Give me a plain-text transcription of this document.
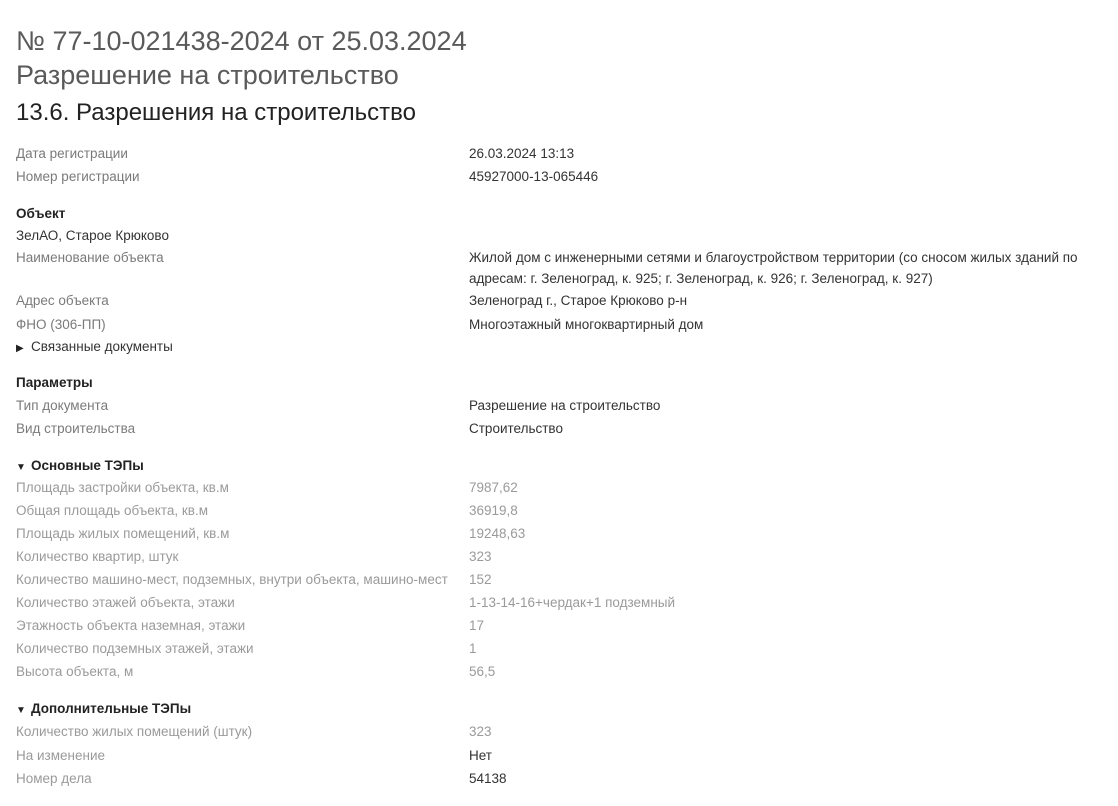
№ 77-10-021438-2024 от 25.03.2024
Разрешение на строительство
13.6. Разрешения на строительство
Дата регистрации	26.03.2024 13:13
Номер регистрации	45927000-13-065446
Объект
ЗелАО, Старое Крюково
Наименование объекта	Жилой дом с инженерными сетями и благоустройством территории (со сносом жилых зданий по адресам: г. Зеленоград, к. 925; г. Зеленоград, к. 926; г. Зеленоград, к. 927)
Адрес объекта	Зеленоград г., Старое Крюково р-н
ФНО (306-ПП)	Многоэтажный многоквартирный дом
▶ Связанные документы
Параметры
Тип документа	Разрешение на строительство
Вид строительства	Строительство
▼ Основные ТЭПы
Площадь застройки объекта, кв.м	7987,62
Общая площадь объекта, кв.м	36919,8
Площадь жилых помещений, кв.м	19248,63
Количество квартир, штук	323
Количество машино-мест, подземных, внутри объекта, машино-мест 152
Количество этажей объекта, этажи	1-13-14-16+чердак+1 подземный
Этажность объекта наземная, этажи	17
Количество подземных этажей, этажи	1
Высота объекта, м	56,5
▼ Дополнительные ТЭПы
Количество жилых помещений (штук)	323
На изменение	Нет
Номер дела	54138
